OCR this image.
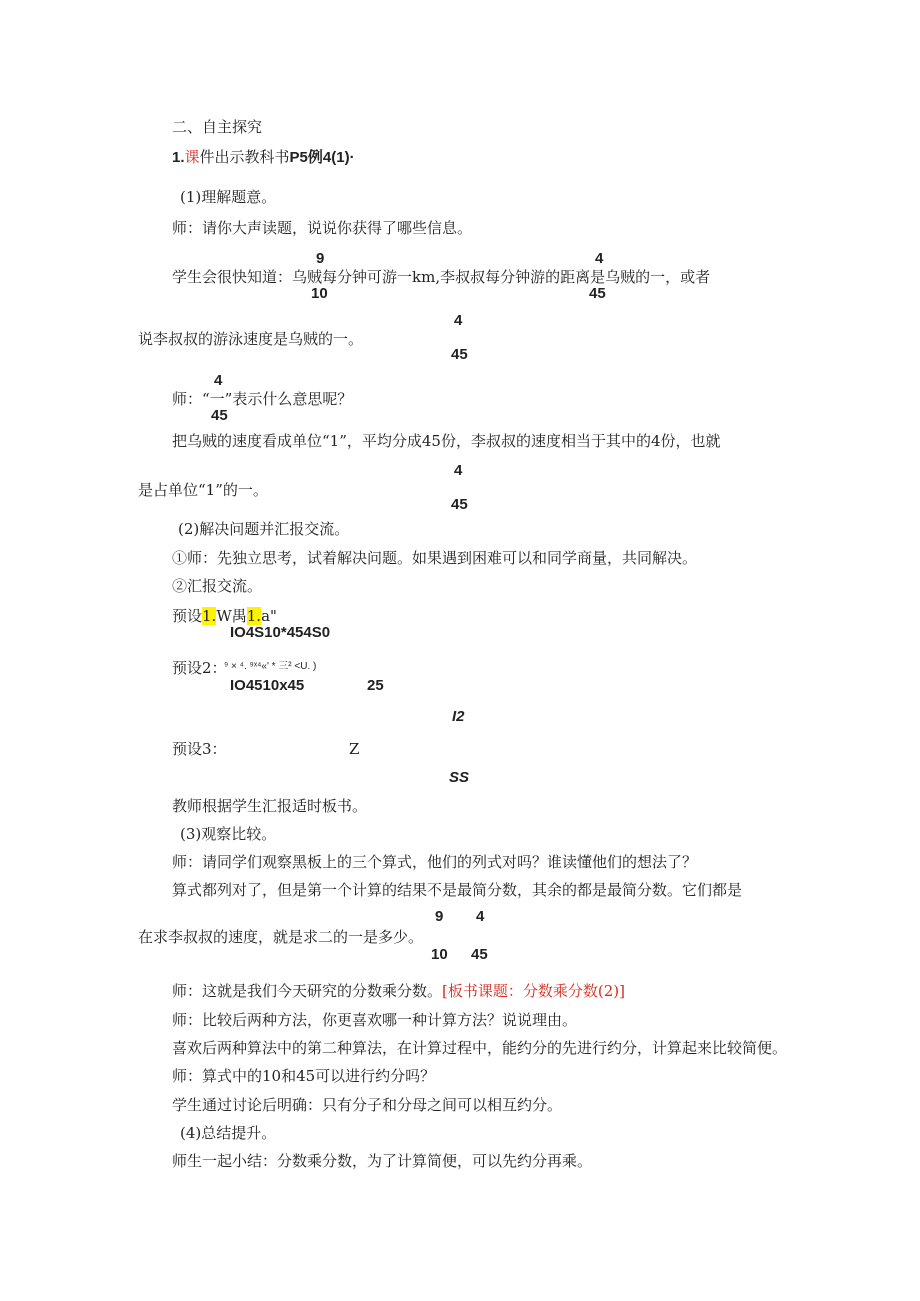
二、自主探究
1.课件出示教科书P5例4(1)·
(1)理解题意。
师：请你大声读题，说说你获得了哪些信息。
9	4
学生会很快知道：乌贼每分钟可游一km,李叔叔每分钟游的距离是乌贼的一，或者
10	45
4
说李叔叔的游泳速度是乌贼的一。
45
4
师：“一”表示什么意思呢？
45
把乌贼的速度看成单位“1”，平均分成45份，李叔叔的速度相当于其中的4份，也就
4
是占单位“1”的一。
45
(2)解决问题并汇报交流。
①师：先独立思考，试着解决问题。如果遇到困难可以和同学商量，共同解决。
②汇报交流。
预设1.W禺1.a"
IO4S10*454S0
预设2：
⁹ × ⁴. ⁹ˣ⁴«' * 三² <U. )
IO4510x45	25
I2
预设3：	Z
SS
教师根据学生汇报适时板书。
(3)观察比较。
师：请同学们观察黑板上的三个算式，他们的列式对吗？谁读懂他们的想法了？
算式都列对了，但是第一个计算的结果不是最简分数，其余的都是最简分数。它们都是
9 4
在求李叔叔的速度，就是求二的一是多少。
10 45
师：这就是我们今天研究的分数乘分数。[板书课题：分数乘分数(2)]
师：比较后两种方法，你更喜欢哪一种计算方法？说说理由。
喜欢后两种算法中的第二种算法，在计算过程中，能约分的先进行约分，计算起来比较简便。
师：算式中的10和45可以进行约分吗？
学生通过讨论后明确：只有分子和分母之间可以相互约分。
(4)总结提升。
师生一起小结：分数乘分数，为了计算简便，可以先约分再乘。
